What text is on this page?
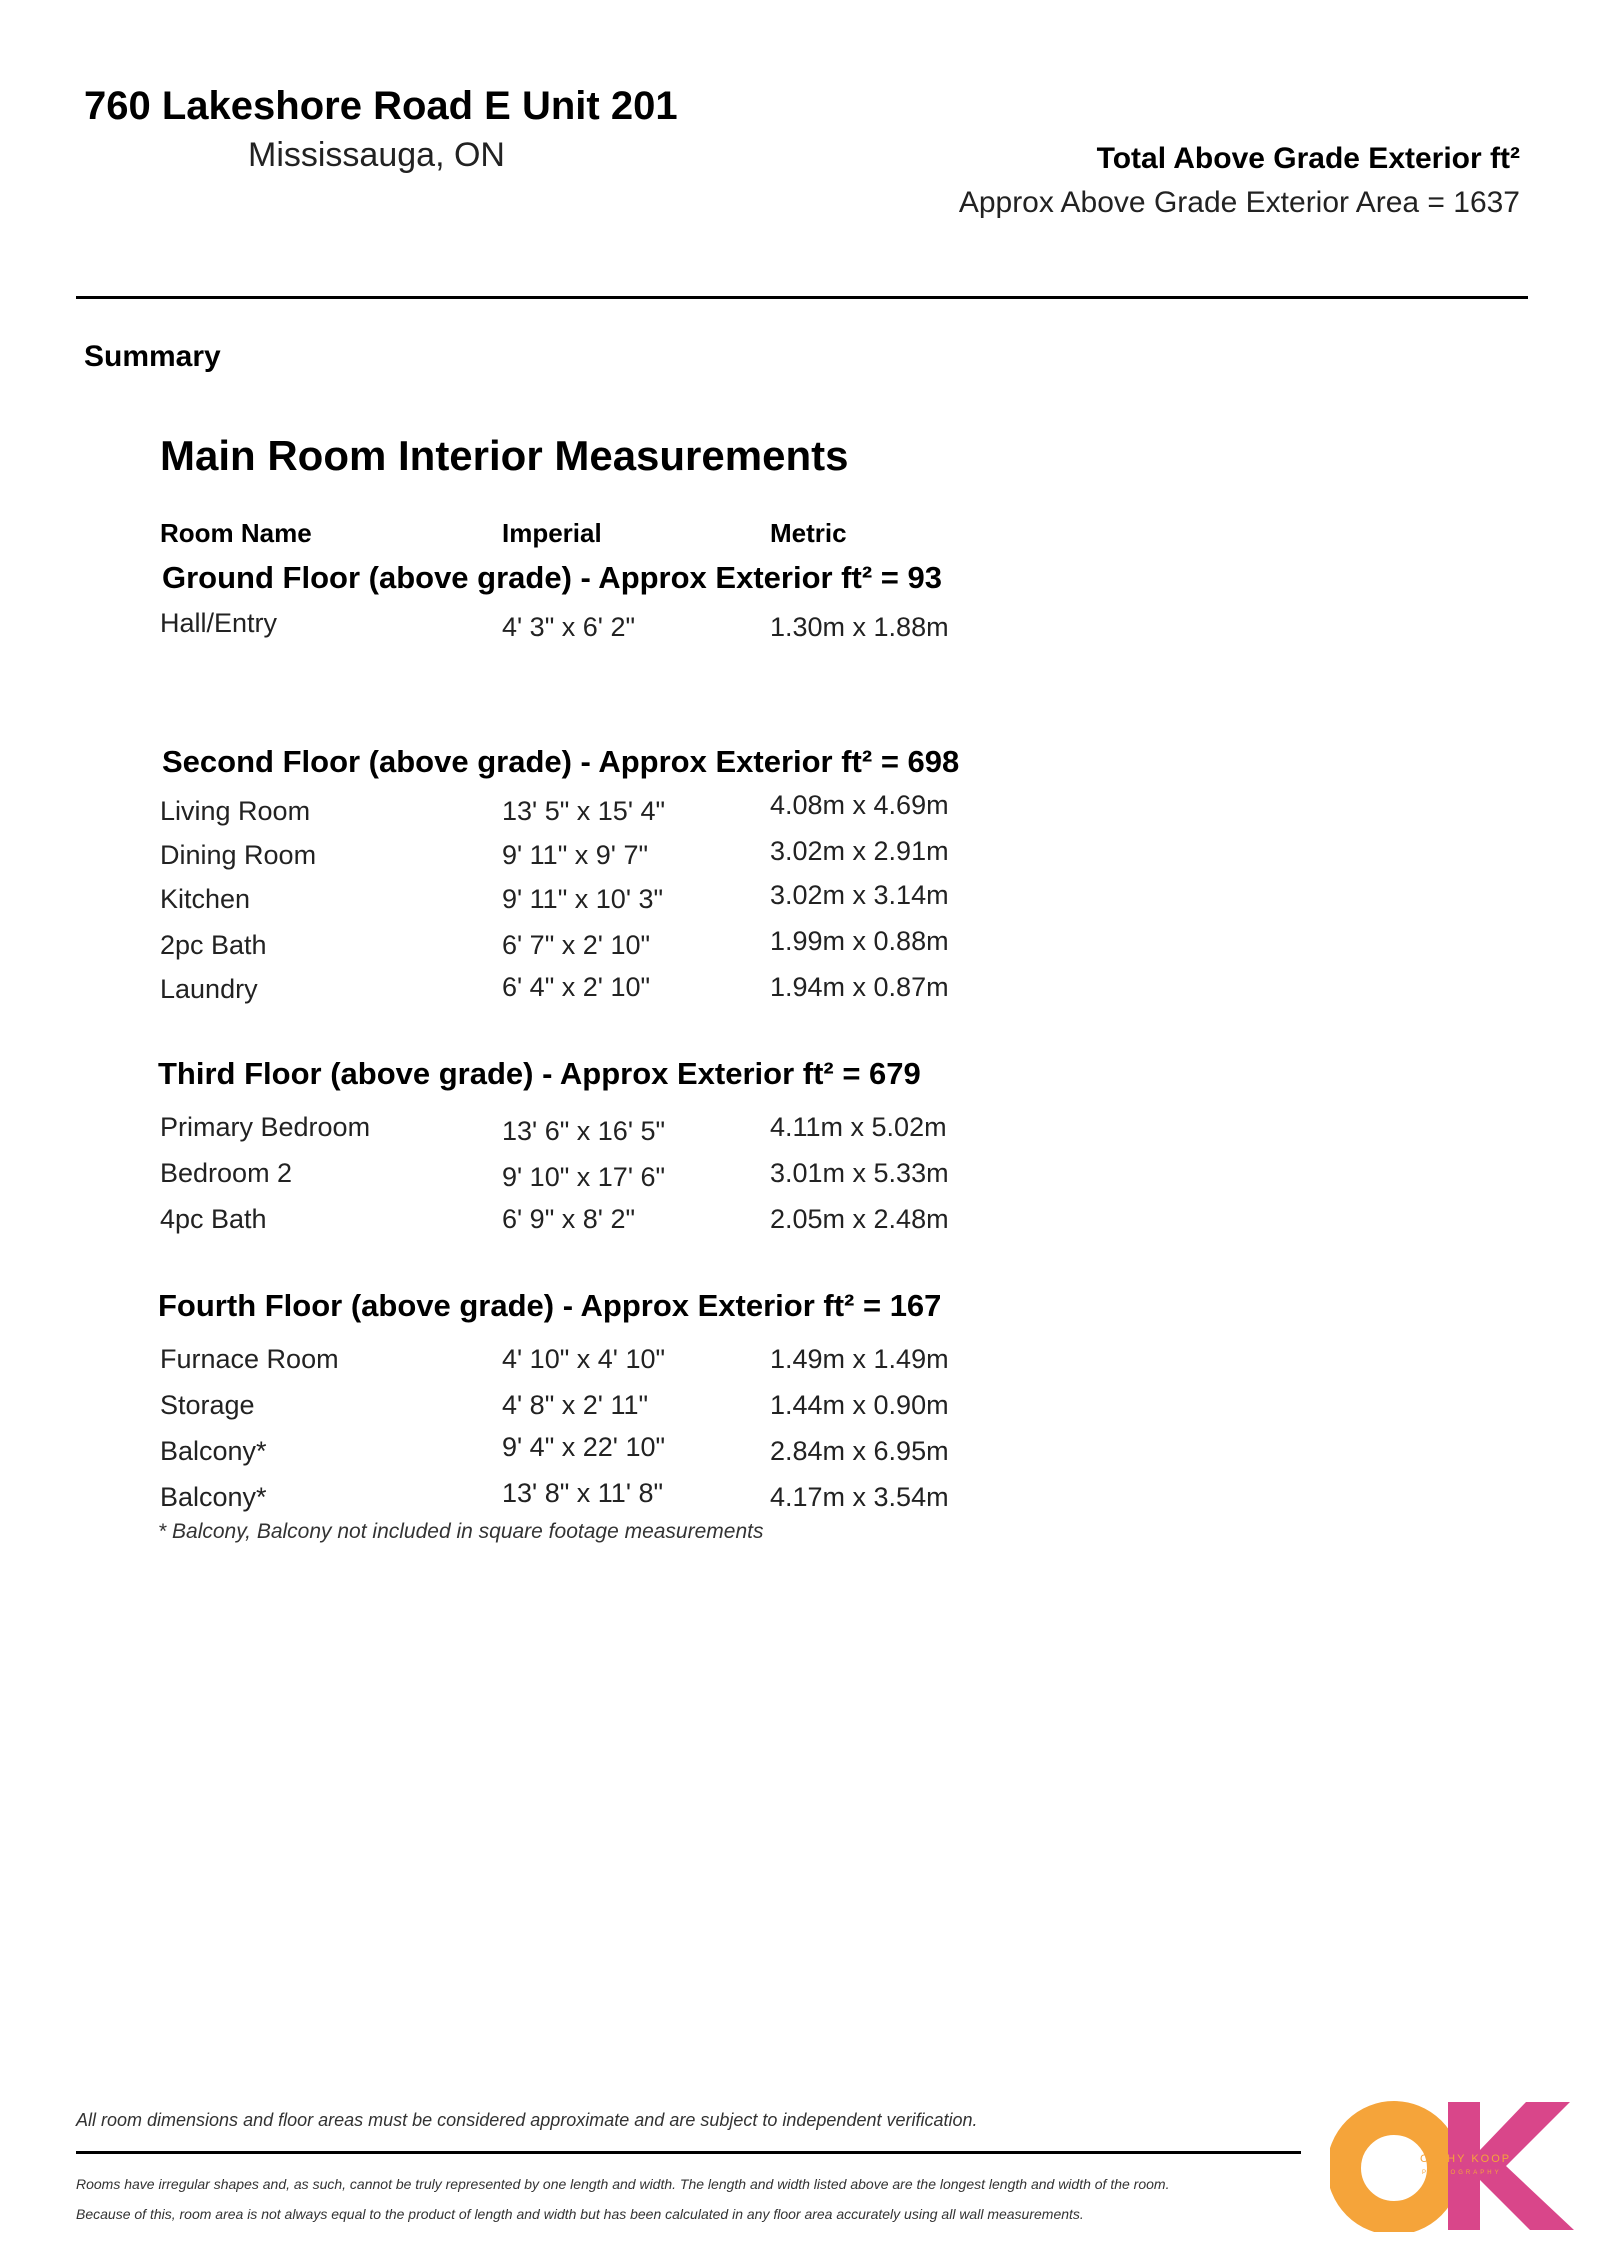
760 Lakeshore Road E Unit 201
Mississauga, ON	Total Above Grade Exterior ft²
Approx Above Grade Exterior Area = 1637
Summary
Main Room Interior Measurements
Room Name	Imperial	Metric
Ground Floor (above grade) - Approx Exterior ft² = 93
Hall/Entry	4' 3" x 6' 2"	1.30m x 1.88m
Second Floor (above grade) - Approx Exterior ft² = 698
Living Room	13' 5" x 15' 4"	4.08m x 4.69m
Dining Room	9' 11" x 9' 7"	3.02m x 2.91m
Kitchen	9' 11" x 10' 3"	3.02m x 3.14m
2pc Bath	6' 7" x 2' 10"	1.99m x 0.88m
Laundry	6' 4" x 2' 10"	1.94m x 0.87m
Third Floor (above grade) - Approx Exterior ft² = 679
Primary Bedroom	13' 6" x 16' 5"	4.11m x 5.02m
Bedroom 2	9' 10" x 17' 6"	3.01m x 5.33m
4pc Bath	6' 9" x 8' 2"	2.05m x 2.48m
Fourth Floor (above grade) - Approx Exterior ft² = 167
Furnace Room	4' 10" x 4' 10"	1.49m x 1.49m
Storage	4' 8" x 2' 11"	1.44m x 0.90m
Balcony*	9' 4" x 22' 10"	2.84m x 6.95m
Balcony*	13' 8" x 11' 8"	4.17m x 3.54m
* Balcony, Balcony not included in square footage measurements
All room dimensions and floor areas must be considered approximate and are subject to independent verification.
Rooms have irregular shapes and, as such, cannot be truly represented by one length and width. The length and width listed above are the longest length and width of the room.
Because of this, room area is not always equal to the product of length and width but has been calculated in any floor area accurately using all wall measurements.
CATHY KOOP
PHOTOGRAPHY
